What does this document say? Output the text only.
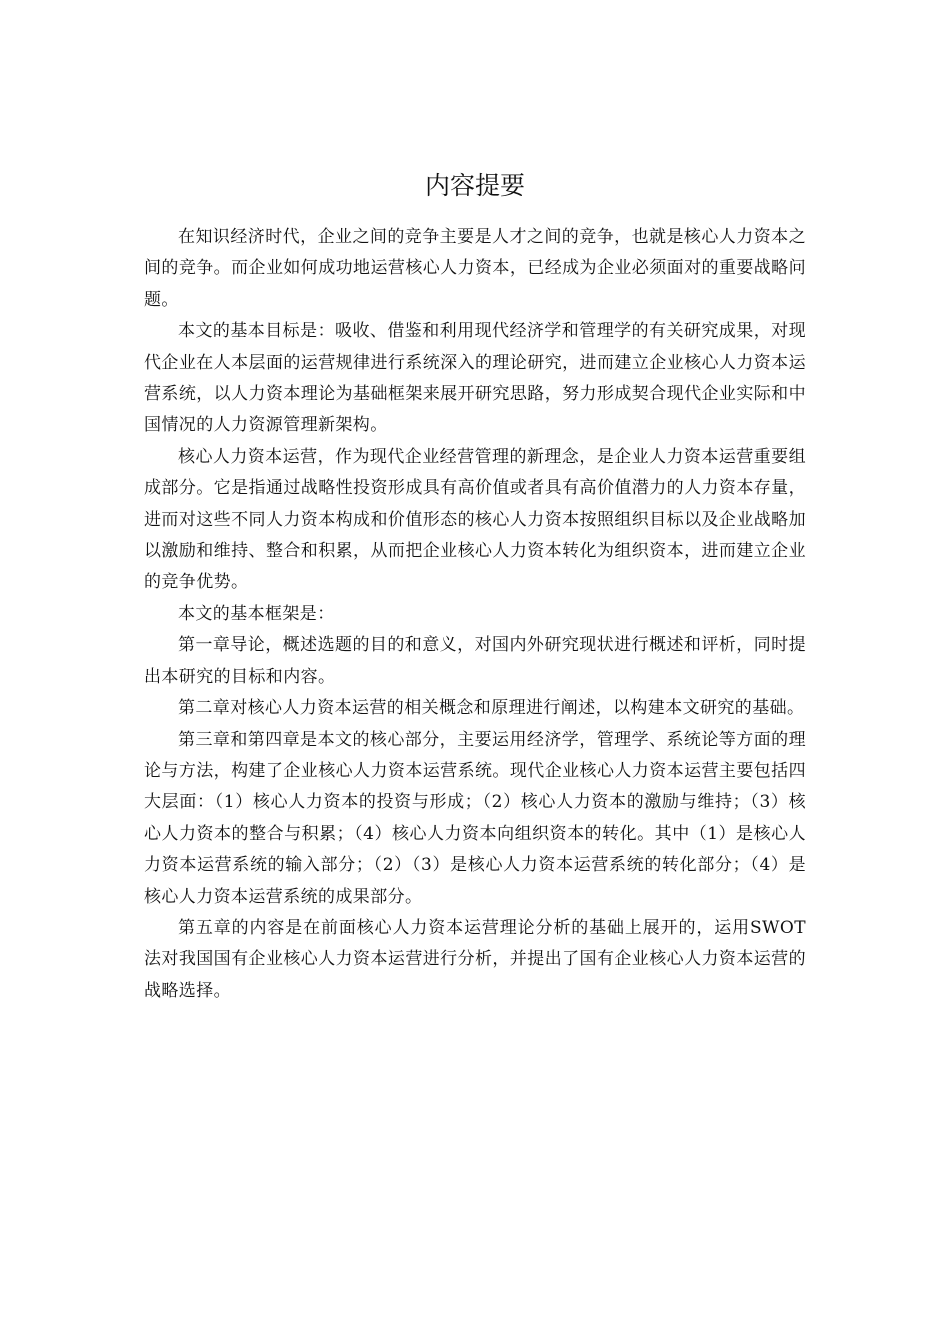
内容提要

在知识经济时代，企业之间的竞争主要是人才之间的竞争，也就是核心人力资本之间的竞争。而企业如何成功地运营核心人力资本，已经成为企业必须面对的重要战略问题。

本文的基本目标是：吸收、借鉴和利用现代经济学和管理学的有关研究成果，对现代企业在人本层面的运营规律进行系统深入的理论研究，进而建立企业核心人力资本运营系统，以人力资本理论为基础框架来展开研究思路，努力形成契合现代企业实际和中国情况的人力资源管理新架构。

核心人力资本运营，作为现代企业经营管理的新理念，是企业人力资本运营重要组成部分。它是指通过战略性投资形成具有高价值或者具有高价值潜力的人力资本存量，进而对这些不同人力资本构成和价值形态的核心人力资本按照组织目标以及企业战略加以激励和维持、整合和积累，从而把企业核心人力资本转化为组织资本，进而建立企业的竞争优势。

本文的基本框架是：

第一章导论，概述选题的目的和意义，对国内外研究现状进行概述和评析，同时提出本研究的目标和内容。

第二章对核心人力资本运营的相关概念和原理进行阐述，以构建本文研究的基础。

第三章和第四章是本文的核心部分，主要运用经济学，管理学、系统论等方面的理论与方法，构建了企业核心人力资本运营系统。现代企业核心人力资本运营主要包括四大层面：（1）核心人力资本的投资与形成；（2）核心人力资本的激励与维持；（3）核心人力资本的整合与积累；（4）核心人力资本向组织资本的转化。其中（1）是核心人力资本运营系统的输入部分；（2）（3）是核心人力资本运营系统的转化部分；（4）是核心人力资本运营系统的成果部分。

第五章的内容是在前面核心人力资本运营理论分析的基础上展开的，运用SWOT法对我国国有企业核心人力资本运营进行分析，并提出了国有企业核心人力资本运营的战略选择。
